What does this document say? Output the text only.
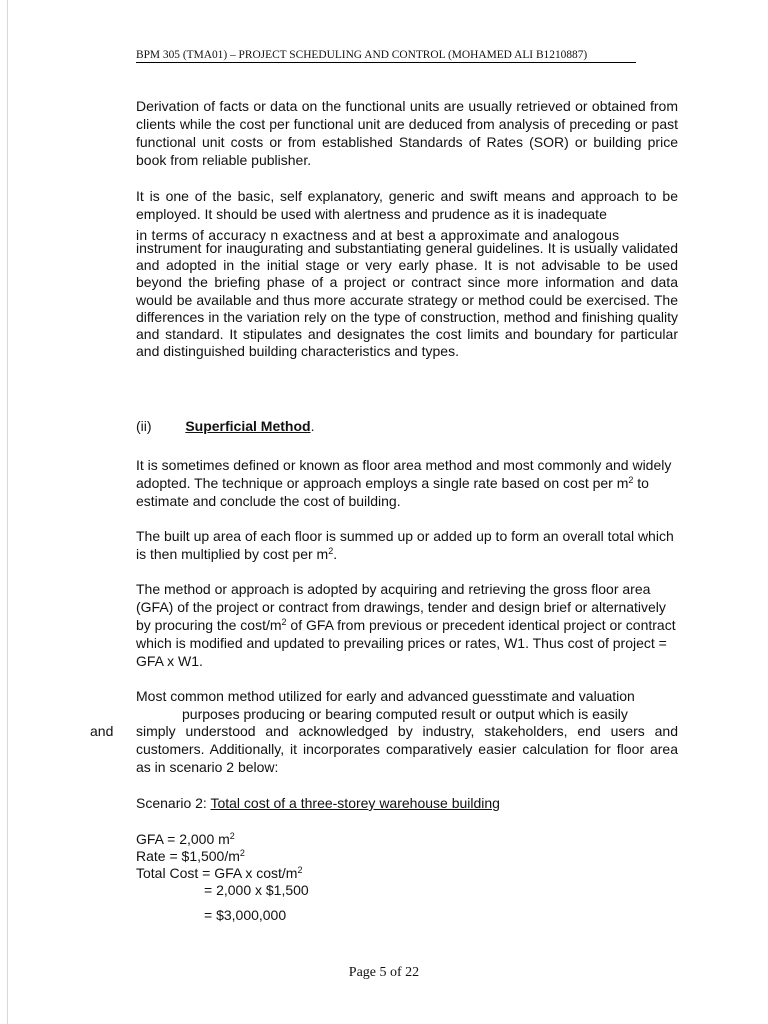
BPM 305 (TMA01) – PROJECT SCHEDULING AND CONTROL (MOHAMED ALI B1210887)

Derivation of facts or data on the functional units are usually retrieved or obtained from clients while the cost per functional unit are deduced from analysis of preceding or past functional unit costs or from established Standards of Rates (SOR) or building price book from reliable publisher.

It is one of the basic, self explanatory, generic and swift means and approach to be employed. It should be used with alertness and prudence as it is inadequate

in terms of accuracy n exactness and at best a approximate and analogous

instrument for inaugurating and substantiating general guidelines. It is usually validated and adopted in the initial stage or very early phase. It is not advisable to be used beyond the briefing phase of a project or contract since more information and data would be available and thus more accurate strategy or method could be exercised. The differences in the variation rely on the type of construction, method and finishing quality and standard. It stipulates and designates the cost limits and boundary for particular and distinguished building characteristics and types.

(ii) Superficial Method.

It is sometimes defined or known as floor area method and most commonly and widely adopted. The technique or approach employs a single rate based on cost per $m^2$ to estimate and conclude the cost of building.

The built up area of each floor is summed up or added up to form an overall total which is then multiplied by cost per $m^2$.

The method or approach is adopted by acquiring and retrieving the gross floor area (GFA) of the project or contract from drawings, tender and design brief or alternatively by procuring the cost/$m^2$ of GFA from previous or precedent identical project or contract which is modified and updated to prevailing prices or rates, W1. Thus cost of project = GFA x W1.

Most common method utilized for early and advanced guesstimate and valuation
purposes producing or bearing computed result or output which is easily
and simply understood and acknowledged by industry, stakeholders, end users and customers. Additionally, it incorporates comparatively easier calculation for floor area as in scenario 2 below:

Scenario 2: Total cost of a three-storey warehouse building
GFA = 2,000 $m^2$
Rate = $\$1,500/m^2$
Total Cost = GFA x cost/$m^2$
= 2,000 x $1,500
= $3,000,000
Page 5 of 22
